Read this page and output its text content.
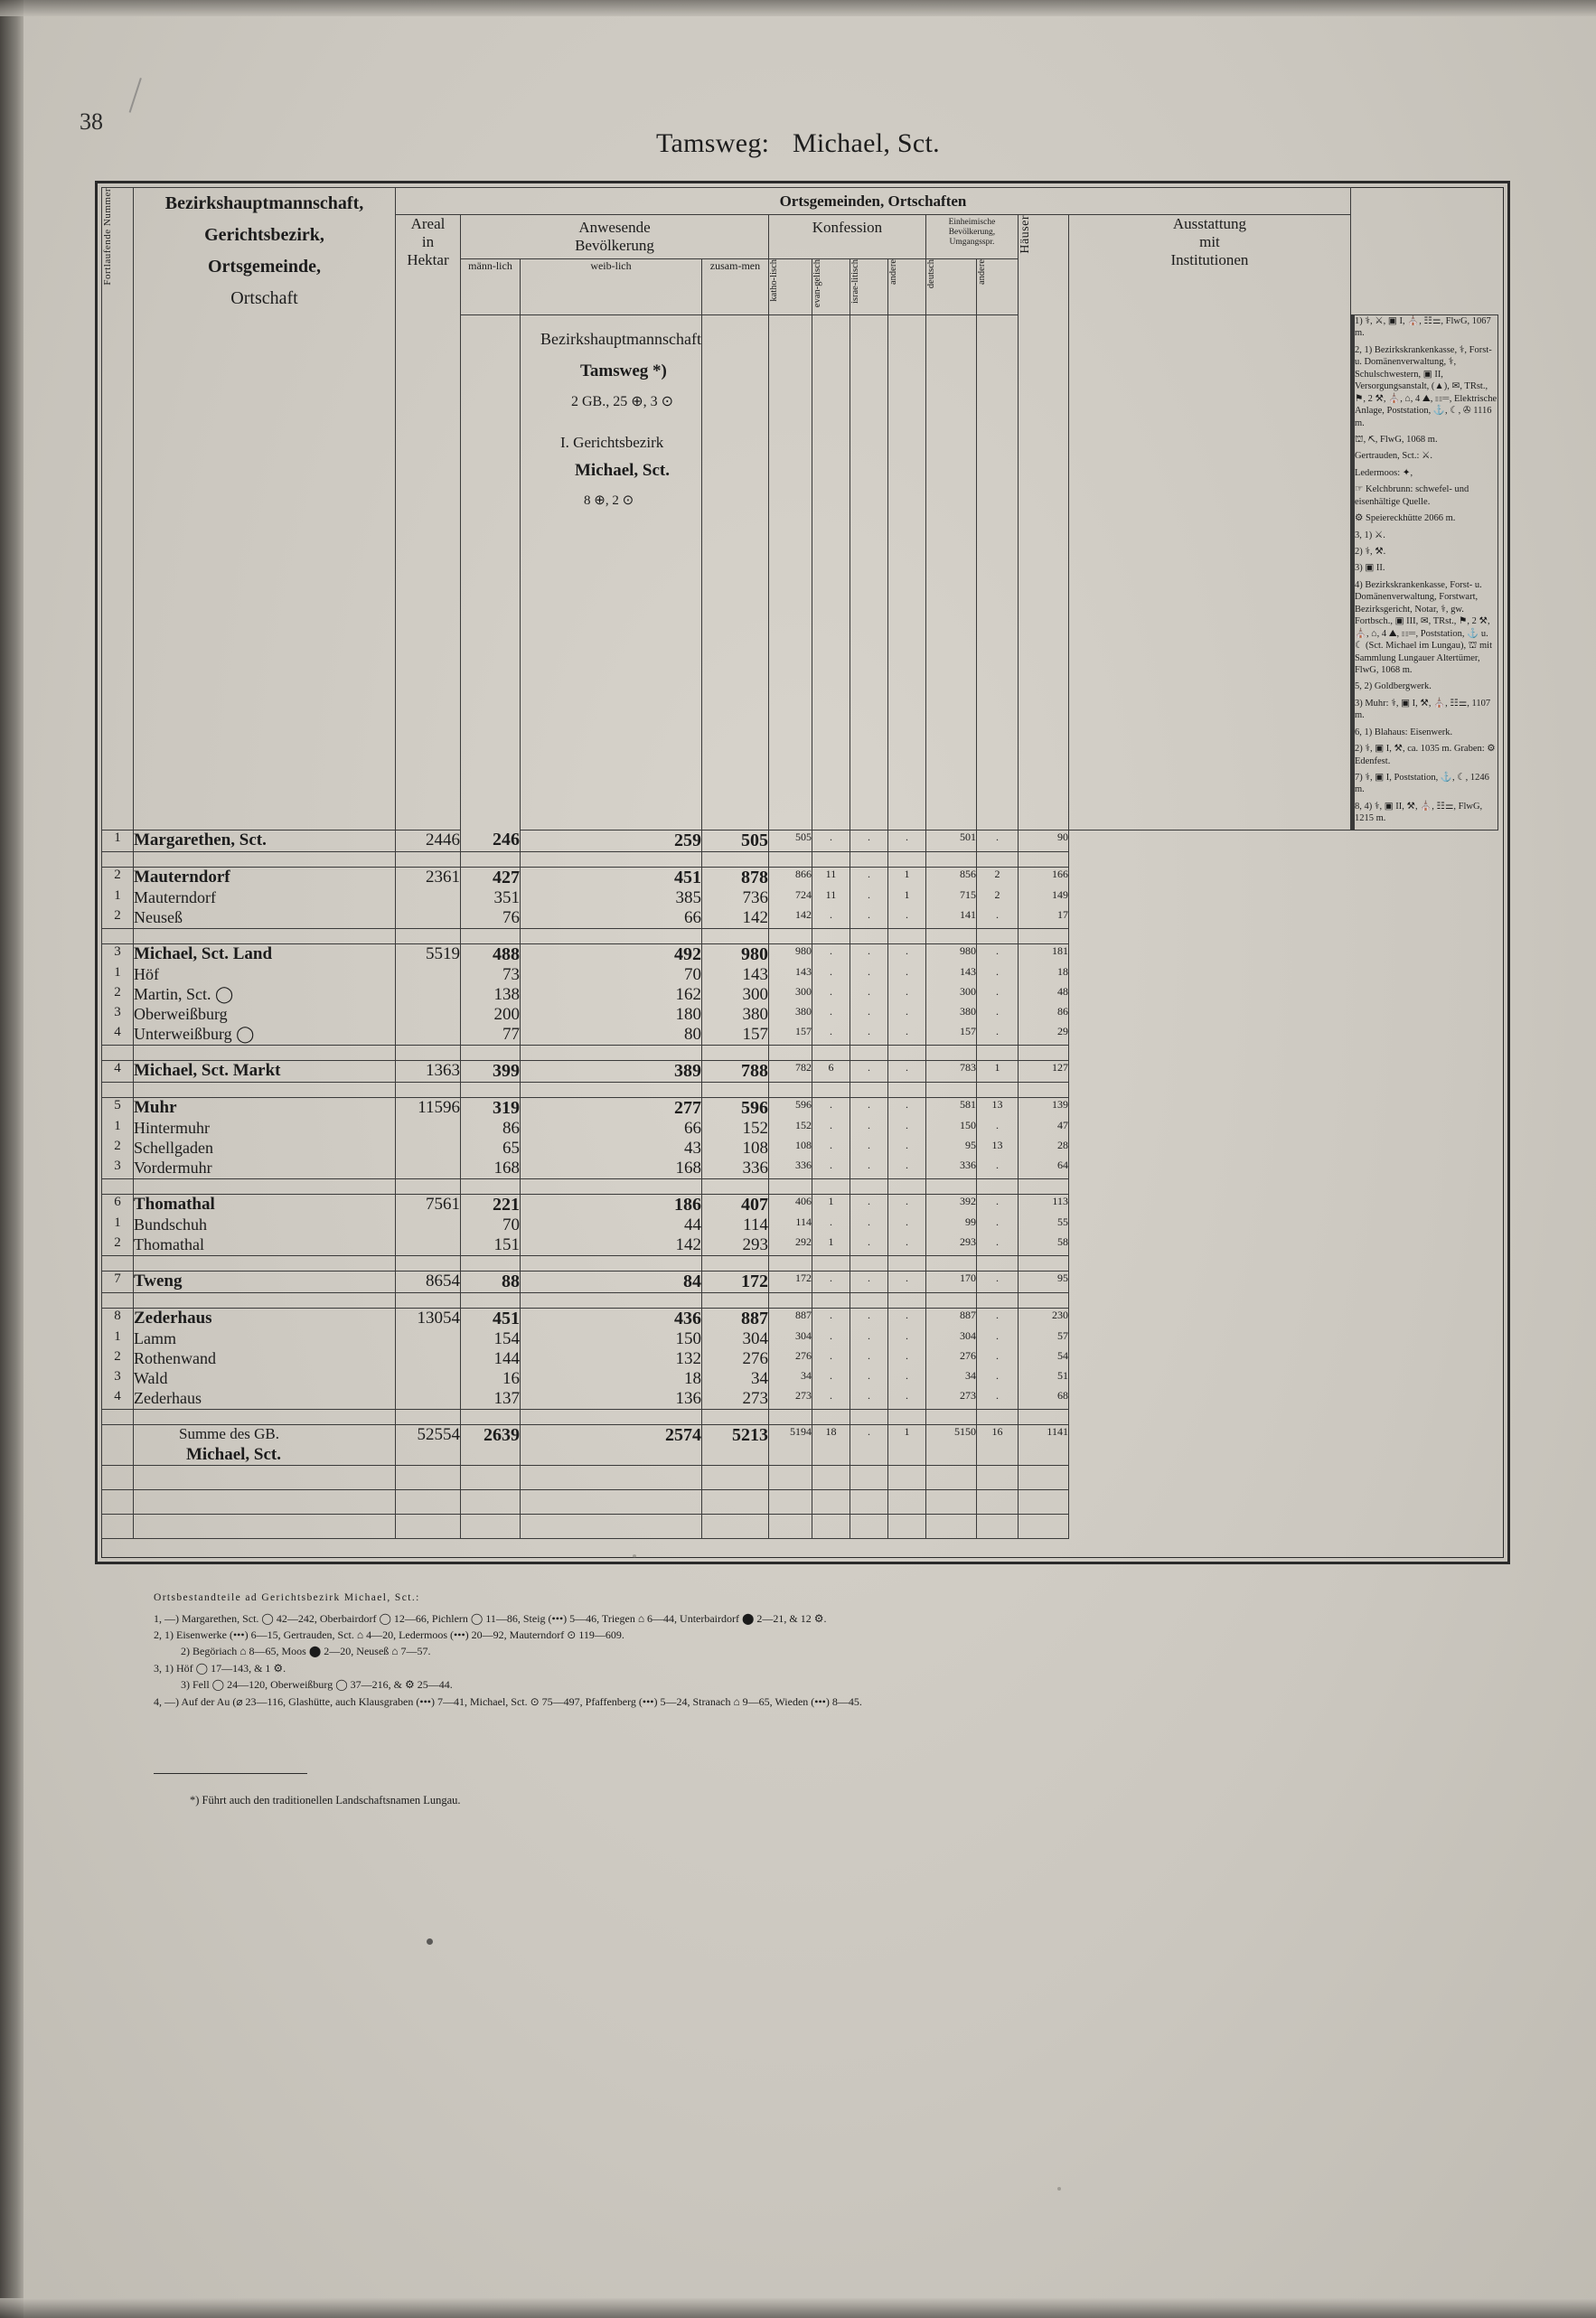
38
Tamsweg: Michael, Sct.
Fortlaufende Nummer	Bezirkshauptmannschaft,
Gerichtsbezirk,
Ortsgemeinde,
Ortschaft	Ortsgemeinden, Ortschaften														

Areal
in
Hektar

Anwesende
Bevölkerung

Konfession	Einheimische
Bevölkerung,
Umgangsspr.	Häuser	Ausstattung
mit
Institutionen

			männ-lich	weib-lich	zusam-men	katho-lisch	evan-gelisch	israe-litisch	andere	deutsch	andere					

Bezirkshauptmannschaft
Tamsweg *)
2 GB., 25 ⊕, 3 ⊙
I. Gerichtsbezirk
Michael, Sct.
8 ⊕, 2 ⊙

1) ⚕, ⚔, ▣ I, ⛪, ☷⚌, FlwG, 1067 m.

2, 1) Bezirkskrankenkasse, ⚕, Forst- u. Domänenverwaltung, ⚕, Schulschwestern, ▣ II, Versorgungsanstalt, (▲), ✉, TRst., ⚑, 2 ⚒, ⛪, ⌂, 4 ⛰, ☷⚌, Elektrische Anlage, Poststation, ⚓, ☾, ✇ 1116 m.

⛫, ⛏, FlwG, 1068 m.

Gertrauden, Sct.: ⚔.

Ledermoos: ✦,

☞ Kelchbrunn: schwefel- und eisenhältige Quelle.

⚙ Speiereckhütte 2066 m.

3, 1) ⚔.

2) ⚕, ⚒.

3) ▣ II.

4) Bezirkskrankenkasse, Forst- u. Domänenverwaltung, Forstwart, Bezirksgericht, Notar, ⚕, gw. Fortbsch., ▣ III, ✉, TRst., ⚑, 2 ⚒, ⛪, ⌂, 4 ⛰, ☷⚌, Poststation, ⚓ u. ☾ (Sct. Michael im Lungau), ⛫ mit Sammlung Lungauer Altertümer, FlwG, 1068 m.

5, 2) Goldbergwerk.

3) Muhr: ⚕, ▣ I, ⚒, ⛪, ☷⚌, 1107 m.

6, 1) Blahaus: Eisenwerk.

2) ⚕, ▣ I, ⚒, ca. 1035 m. Graben: ⚙ Edenfest.

7) ⚕, ▣ I, Poststation, ⚓, ☾, 1246 m.

8, 4) ⚕, ▣ II, ⚒, ⛪, ☷⚌, FlwG, 1215 m.

1	Margarethen, Sct.	2446	246	259	505	505	.	.	.	501	.	90				

2	Mauterndorf	2361	427	451	878	866	11	.	1	856	2	166				
1	Mauterndorf		351	385	736	724	11	.	1	715	2	149				
2	Neuseß		76	66	142	142	.	.	.	141	.	17				

3	Michael, Sct. Land	5519	488	492	980	980	.	.	.	980	.	181				
1	Höf		73	70	143	143	.	.	.	143	.	18				
2	Martin, Sct. ◯		138	162	300	300	.	.	.	300	.	48				
3	Oberweißburg		200	180	380	380	.	.	.	380	.	86				
4	Unterweißburg ◯		77	80	157	157	.	.	.	157	.	29				

4	Michael, Sct. Markt	1363	399	389	788	782	6	.	.	783	1	127				

5	Muhr	11596	319	277	596	596	.	.	.	581	13	139				
1	Hintermuhr		86	66	152	152	.	.	.	150	.	47				
2	Schellgaden		65	43	108	108	.	.	.	95	13	28				
3	Vordermuhr		168	168	336	336	.	.	.	336	.	64				

6	Thomathal	7561	221	186	407	406	1	.	.	392	.	113				
1	Bundschuh		70	44	114	114	.	.	.	99	.	55				
2	Thomathal		151	142	293	292	1	.	.	293	.	58				

7	Tweng	8654	88	84	172	172	.	.	.	170	.	95				

8	Zederhaus	13054	451	436	887	887	.	.	.	887	.	230				
1	Lamm		154	150	304	304	.	.	.	304	.	57				
2	Rothenwand		144	132	276	276	.	.	.	276	.	54				
3	Wald		16	18	34	34	.	.	.	34	.	51				
4	Zederhaus		137	136	273	273	.	.	.	273	.	68				

	Summe des GB.
Michael, Sct.	52554	2639	2574	5213	5194	18	.	1	5150	16	1141				

Ortsbestandteile ad Gerichtsbezirk Michael, Sct.:
1, —) Margarethen, Sct. ◯ 42—242, Oberbairdorf ◯ 12—66, Pichlern ◯ 11—86, Steig (•••) 5—46, Triegen ⌂ 6—44, Unterbairdorf ⬤ 2—21, & 12 ⚙.
2, 1) Eisenwerke (•••) 6—15, Gertrauden, Sct. ⌂ 4—20, Ledermoos (•••) 20—92, Mauterndorf ⊙ 119—609.
2) Begöriach ⌂ 8—65, Moos ⬤ 2—20, Neuseß ⌂ 7—57.
3, 1) Höf ◯ 17—143, & 1 ⚙.
3) Fell ◯ 24—120, Oberweißburg ◯ 37—216, & ⚙ 25—44.
4, —) Auf der Au (⌀ 23—116, Glashütte, auch Klausgraben (•••) 7—41, Michael, Sct. ⊙ 75—497, Pfaffenberg (•••) 5—24, Stranach ⌂ 9—65, Wieden (•••) 8—45.
*) Führt auch den traditionellen Landschaftsnamen Lungau.
